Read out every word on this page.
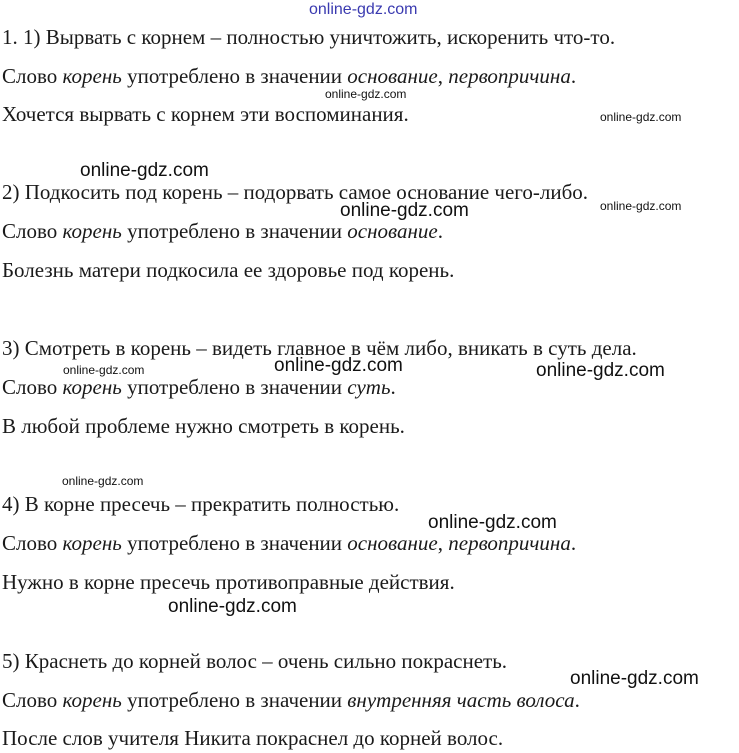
1. 1) Вырвать с корнем – полностью уничтожить, искоренить что-то.
Слово корень употреблено в значении основание, первопричина.
Хочется вырвать с корнем эти воспоминания.
2) Подкосить под корень – подорвать самое основание чего-либо.
Слово корень употреблено в значении основание.
Болезнь матери подкосила ее здоровье под корень.
3) Смотреть в корень – видеть главное в чём либо, вникать в суть дела.
Слово корень употреблено в значении суть.
В любой проблеме нужно смотреть в корень.
4) В корне пресечь – прекратить полностью.
Слово корень употреблено в значении основание, первопричина.
Нужно в корне пресечь противоправные действия.
5) Краснеть до корней волос – очень сильно покраснеть.
Слово корень употреблено в значении внутренняя часть волоса.
После слов учителя Никита покраснел до корней волос.
online-gdz.com
online-gdz.com
online-gdz.com
online-gdz.com
online-gdz.com
online-gdz.com
online-gdz.com
online-gdz.com	online-gdz.com
online-gdz.com
online-gdz.com
online-gdz.com
online-gdz.com
